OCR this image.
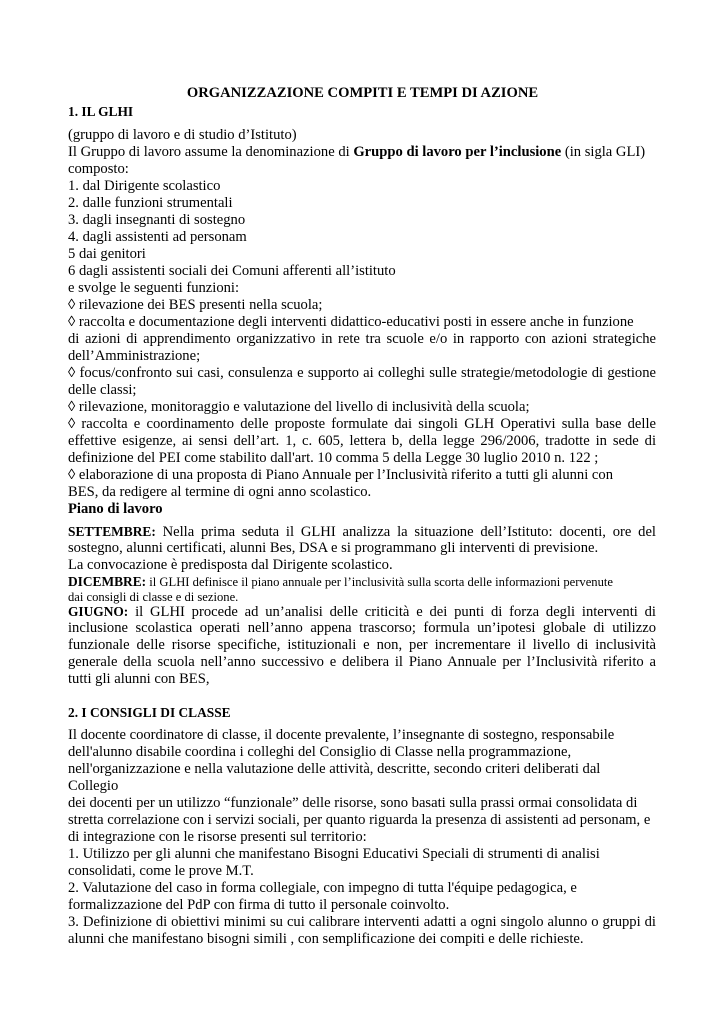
ORGANIZZAZIONE COMPITI E TEMPI DI AZIONE
1. IL GLHI
(gruppo di lavoro e di studio d’Istituto)
Il Gruppo di lavoro assume la denominazione di Gruppo di lavoro per l’inclusione (in sigla GLI)
composto:
1. dal Dirigente scolastico
2. dalle funzioni strumentali
3. dagli insegnanti di sostegno
4. dagli assistenti ad personam
5 dai genitori
6 dagli assistenti sociali dei Comuni afferenti all’istituto
e svolge le seguenti funzioni:
◊ rilevazione dei BES presenti nella scuola;
◊ raccolta e documentazione degli interventi didattico-educativi posti in essere anche in funzione
di azioni di apprendimento organizzativo in rete tra scuole e/o in rapporto con azioni strategiche
dell’Amministrazione;
◊ focus/confronto sui casi, consulenza e supporto ai colleghi sulle strategie/metodologie di gestione
delle classi;
◊ rilevazione, monitoraggio e valutazione del livello di inclusività della scuola;
◊ raccolta e coordinamento delle proposte formulate dai singoli GLH Operativi sulla base delle
effettive esigenze, ai sensi dell’art. 1, c. 605, lettera b, della legge 296/2006, tradotte in sede di
definizione del PEI come stabilito dall'art. 10 comma 5 della Legge 30 luglio 2010 n. 122 ;
◊ elaborazione di una proposta di Piano Annuale per l’Inclusività riferito a tutti gli alunni con
BES, da redigere al termine di ogni anno scolastico.
Piano di lavoro
SETTEMBRE: Nella prima seduta il GLHI analizza la situazione dell’Istituto: docenti, ore del
sostegno, alunni certificati, alunni Bes, DSA e si programmano gli interventi di previsione.
La convocazione è predisposta dal Dirigente scolastico.
DICEMBRE: il GLHI definisce il piano annuale per l’inclusività sulla scorta delle informazioni pervenute
dai consigli di classe e di sezione.
GIUGNO: il GLHI procede ad un’analisi delle criticità e dei punti di forza degli interventi di
inclusione scolastica operati nell’anno appena trascorso; formula un’ipotesi globale di utilizzo
funzionale delle risorse specifiche, istituzionali e non, per incrementare il livello di inclusività
generale della scuola nell’anno successivo e delibera il Piano Annuale per l’Inclusività riferito a
tutti gli alunni con BES,
2. I CONSIGLI DI CLASSE
Il docente coordinatore di classe, il docente prevalente, l’insegnante di sostegno, responsabile
dell'alunno disabile coordina i colleghi del Consiglio di Classe nella programmazione,
nell'organizzazione e nella valutazione delle attività, descritte, secondo criteri deliberati dal
Collegio
dei docenti per un utilizzo “funzionale” delle risorse, sono basati sulla prassi ormai consolidata di
stretta correlazione con i servizi sociali, per quanto riguarda la presenza di assistenti ad personam, e
di integrazione con le risorse presenti sul territorio:
1. Utilizzo per gli alunni che manifestano Bisogni Educativi Speciali di strumenti di analisi
consolidati, come le prove M.T.
2. Valutazione del caso in forma collegiale, con impegno di tutta l'équipe pedagogica, e
formalizzazione del PdP con firma di tutto il personale coinvolto.
3. Definizione di obiettivi minimi su cui calibrare interventi adatti a ogni singolo alunno o gruppi di
alunni che manifestano bisogni simili , con semplificazione dei compiti e delle richieste.
